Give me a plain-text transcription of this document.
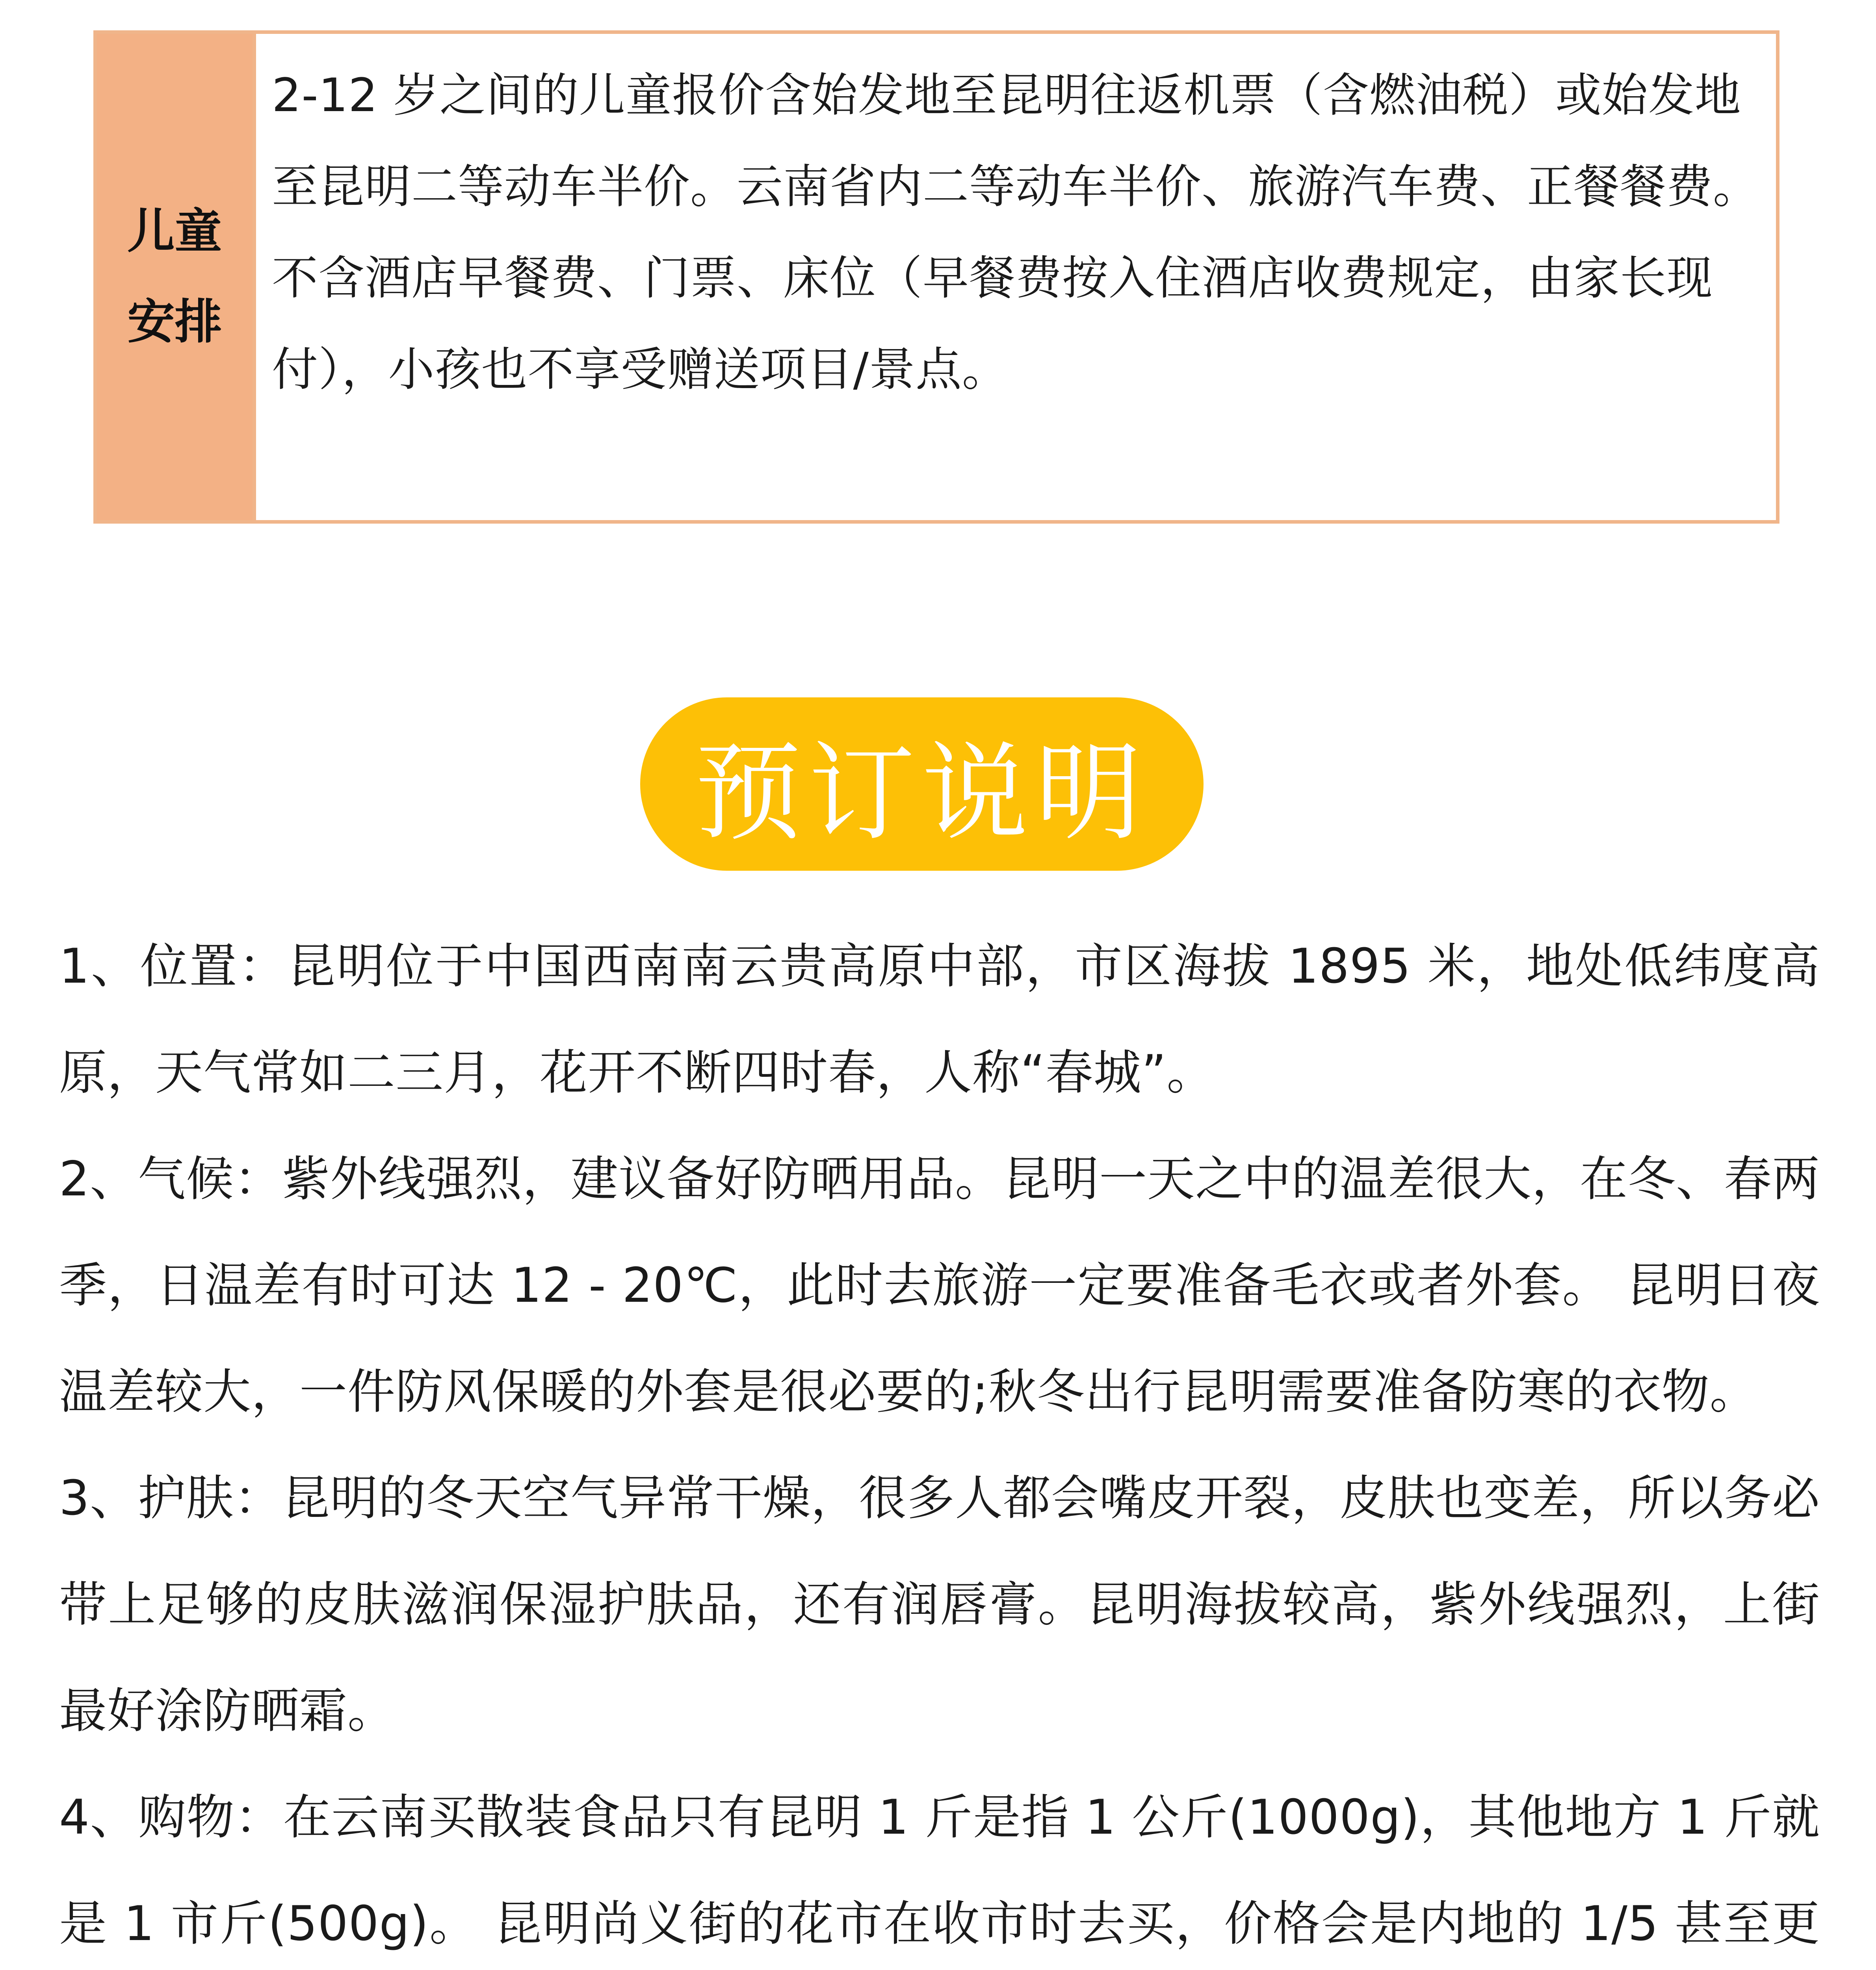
儿童安排

2-12 岁之间的儿童报价含始发地至昆明往返机票（含燃油税）或始发地至昆明二等动车半价。云南省内二等动车半价、旅游汽车费、正餐餐费。

不含酒店早餐费、门票、床位（早餐费按入住酒店收费规定，由家长现付），小孩也不享受赠送项目/景点。

预订说明

1、位置：昆明位于中国西南南云贵高原中部，市区海拔 1895 米，地处低纬度高原，天气常如二三月，花开不断四时春，人称“春城”。

2、气候：紫外线强烈，建议备好防晒用品。昆明一天之中的温差很大，在冬、春两季，日温差有时可达 12 - 20℃，此时去旅游一定要准备毛衣或者外套。 昆明日夜温差较大，一件防风保暖的外套是很必要的;秋冬出行昆明需要准备防寒的衣物。

3、护肤：昆明的冬天空气异常干燥，很多人都会嘴皮开裂，皮肤也变差，所以务必带上足够的皮肤滋润保湿护肤品，还有润唇膏。昆明海拔较高，紫外线强烈，上街最好涂防晒霜。

4、购物：在云南买散装食品只有昆明 1 斤是指 1 公斤(1000g)，其他地方 1 斤就是 1 市斤(500g)。 昆明尚义街的花市在收市时去买，价格会是内地的 1/5 甚至更
